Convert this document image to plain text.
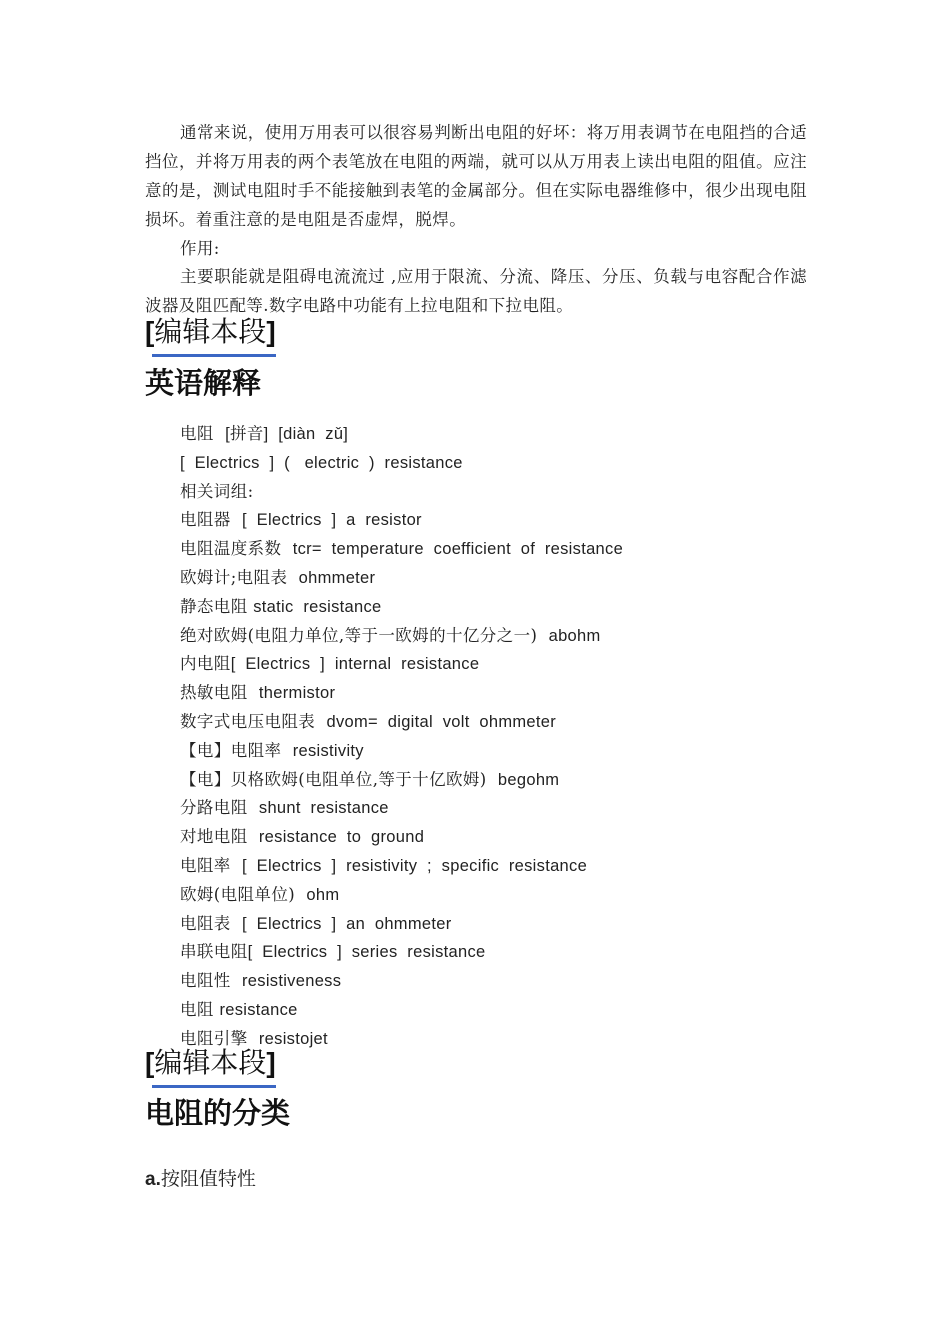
通常来说，使用万用表可以很容易判断出电阻的好坏：将万用表调节在电阻挡的合适挡位，并将万用表的两个表笔放在电阻的两端，就可以从万用表上读出电阻的阻值。应注意的是，测试电阻时手不能接触到表笔的金属部分。但在实际电器维修中，很少出现电阻损坏。着重注意的是电阻是否虚焊，脱焊。

作用:

主要职能就是阻碍电流流过 ,应用于限流、分流、降压、分压、负载与电容配合作滤波器及阻匹配等.数字电路中功能有上拉电阻和下拉电阻。

[编辑本段]
英语解释
电阻  [拼音]  [diàn  zǔ]
[  Electrics  ]  (   electric  )  resistance
相关词组:
电阻器  [  Electrics  ]  a  resistor
电阻温度系数  tcr=  temperature  coefficient  of  resistance
欧姆计;电阻表  ohmmeter
静态电阻 static  resistance
绝对欧姆(电阻力单位,等于一欧姆的十亿分之一)  abohm
内电阻[  Electrics  ]  internal  resistance
热敏电阻  thermistor
数字式电压电阻表  dvom=  digital  volt  ohmmeter
【电】电阻率  resistivity
【电】贝格欧姆(电阻单位,等于十亿欧姆)  begohm
分路电阻  shunt  resistance
对地电阻  resistance  to  ground
电阻率  [  Electrics  ]  resistivity  ;  specific  resistance
欧姆(电阻单位)  ohm
电阻表  [  Electrics  ]  an  ohmmeter
串联电阻[  Electrics  ]  series  resistance
电阻性  resistiveness
电阻 resistance
电阻引擎  resistojet
[编辑本段]
电阻的分类

a.按阻值特性
